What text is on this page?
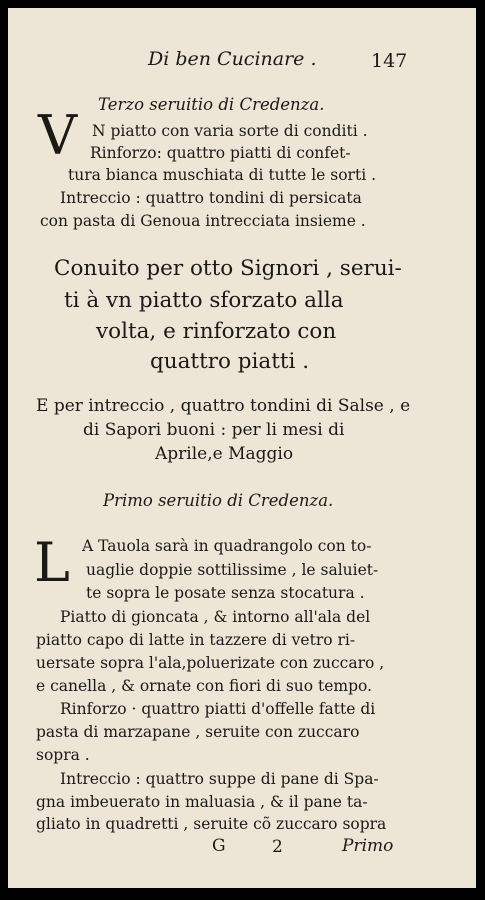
Di ben Cucinare .	147
Terzo seruitio di Credenza.
V N piatto con varia sorte di conditi .
Rinforzo: quattro piatti di confet-
tura bianca muschiata di tutte le sorti .
Intreccio : quattro tondini di persicata
con pasta di Genoua intrecciata insieme .
Conuito per otto Signori , serui-
ti à vn piatto sforzato alla
volta, e rinforzato con
quattro piatti .
E per intreccio , quattro tondini di Salse , e
di Sapori buoni : per li mesi di
Aprile,e Maggio
Primo seruitio di Credenza.
L A Tauola sarà in quadrangolo con to-
uaglie doppie sottilissime , le saluiet-
te sopra le posate senza stocatura .
Piatto di gioncata , & intorno all'ala del
piatto capo di latte in tazzere di vetro ri-
uersate sopra l'ala,poluerizate con zuccaro ,
e canella , & ornate con fiori di suo tempo.
Rinforzo · quattro piatti d'offelle fatte di
pasta di marzapane , seruite con zuccaro
sopra .
Intreccio : quattro suppe di pane di Spa-
gna imbeuerato in maluasia , & il pane ta-
gliato in quadretti , seruite cõ zuccaro sopra
G	2	Primo
